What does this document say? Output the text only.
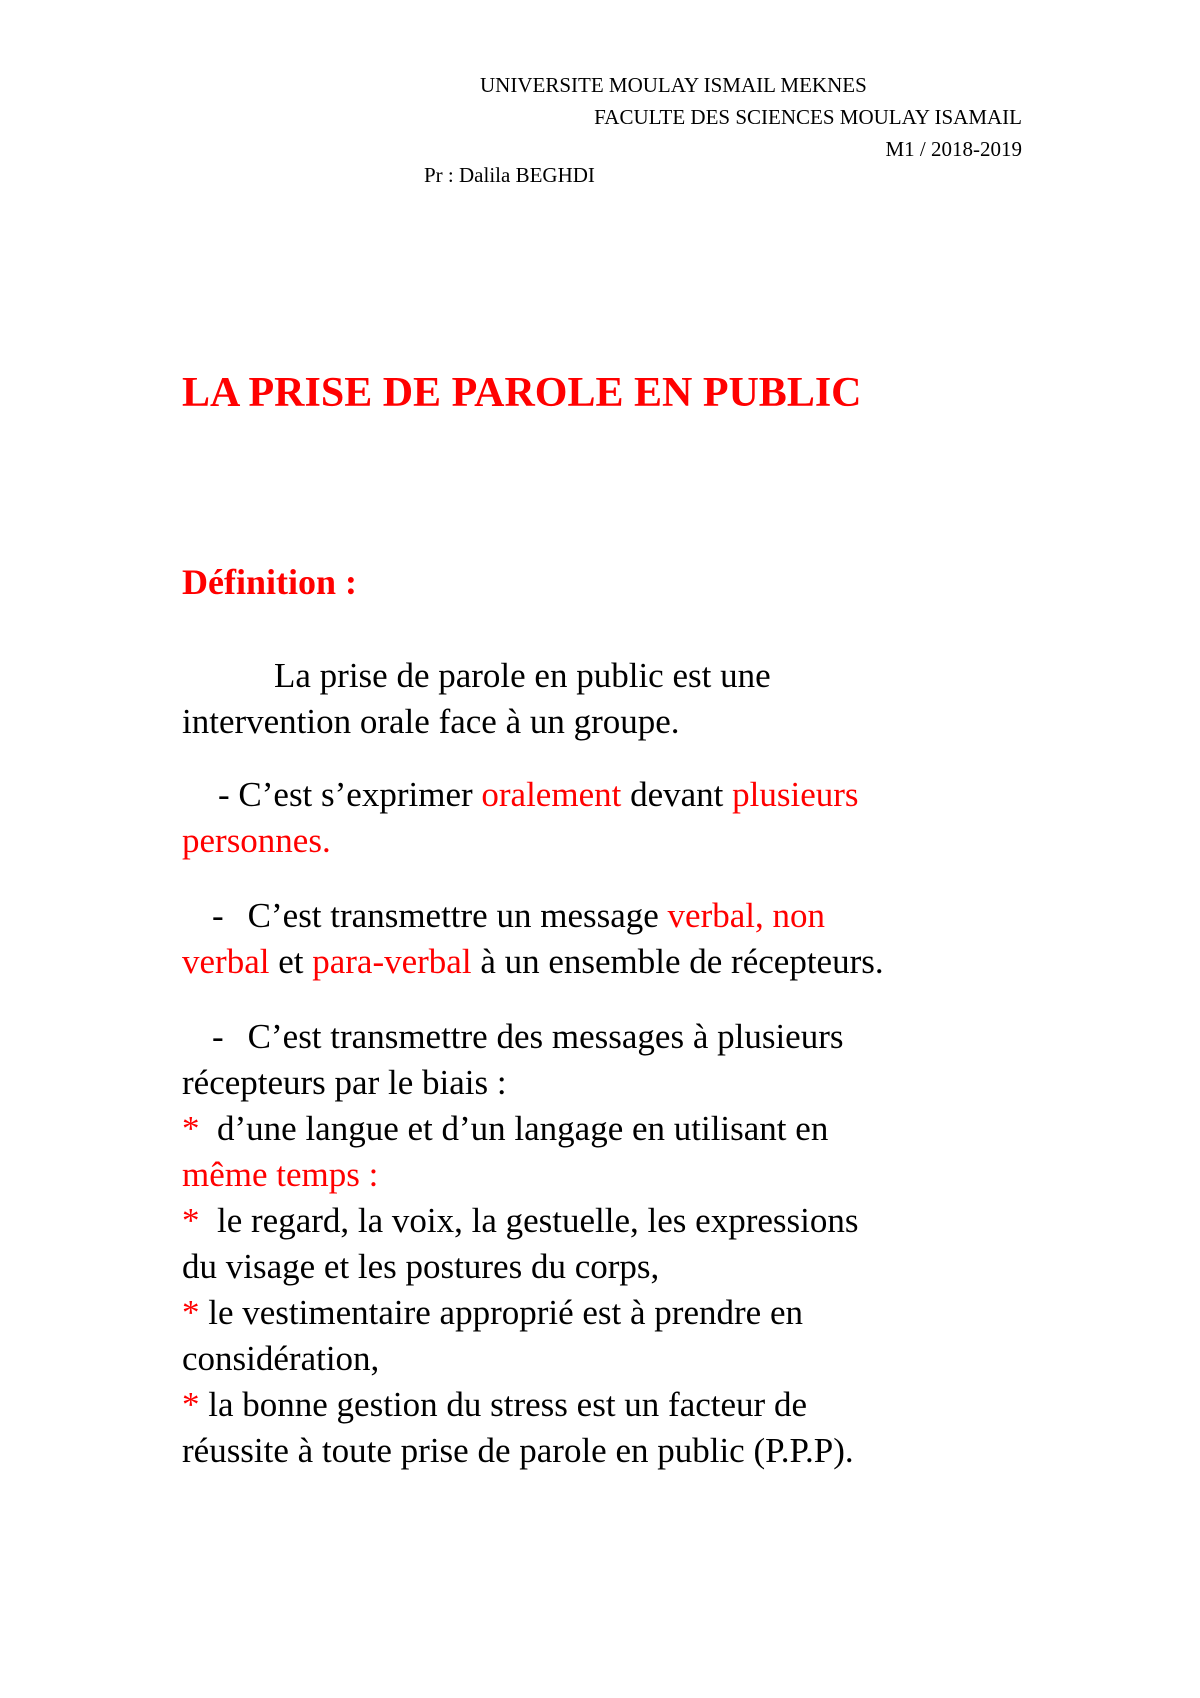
UNIVERSITE MOULAY ISMAIL MEKNES
FACULTE DES SCIENCES MOULAY ISAMAIL
M1 / 2018-2019
Pr : Dalila BEGHDI
LA PRISE DE PAROLE EN PUBLIC
Définition :
La prise de parole en public est une
intervention orale face à un groupe.
- C’est s’exprimer oralement devant plusieurs
personnes.
- C’est transmettre un message verbal, non
verbal et para-verbal à un ensemble de récepteurs.
- C’est transmettre des messages à plusieurs
récepteurs par le biais :
* d’une langue et d’un langage en utilisant en
même temps :
* le regard, la voix, la gestuelle, les expressions
du visage et les postures du corps,
* le vestimentaire approprié est à prendre en
considération,
* la bonne gestion du stress est un facteur de
réussite à toute prise de parole en public (P.P.P).
